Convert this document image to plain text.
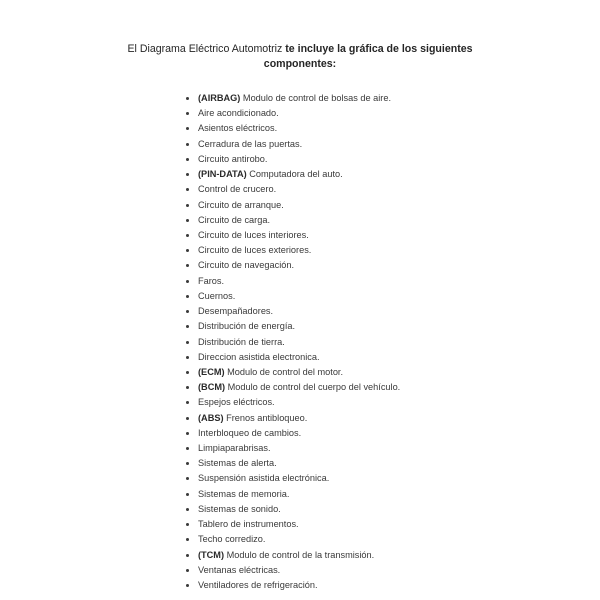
El Diagrama Eléctrico Automotriz te incluye la gráfica de los siguientes componentes:
(AIRBAG) Modulo de control de bolsas de aire.
Aire acondicionado.
Asientos eléctricos.
Cerradura de las puertas.
Circuito antirobo.
(PIN-DATA) Computadora del auto.
Control de crucero.
Circuito de arranque.
Circuito de carga.
Circuito de luces interiores.
Circuito de luces exteriores.
Circuito de navegación.
Faros.
Cuernos.
Desempañadores.
Distribución de energía.
Distribución de tierra.
Direccion asistida electronica.
(ECM) Modulo de control del motor.
(BCM) Modulo de control del cuerpo del vehículo.
Espejos eléctricos.
(ABS) Frenos antibloqueo.
Interbloqueo de cambios.
Limpiaparabrisas.
Sistemas de alerta.
Suspensión asistida electrónica.
Sistemas de memoria.
Sistemas de sonido.
Tablero de instrumentos.
Techo corredizo.
(TCM) Modulo de control de la transmisión.
Ventanas eléctricas.
Ventiladores de refrigeración.
